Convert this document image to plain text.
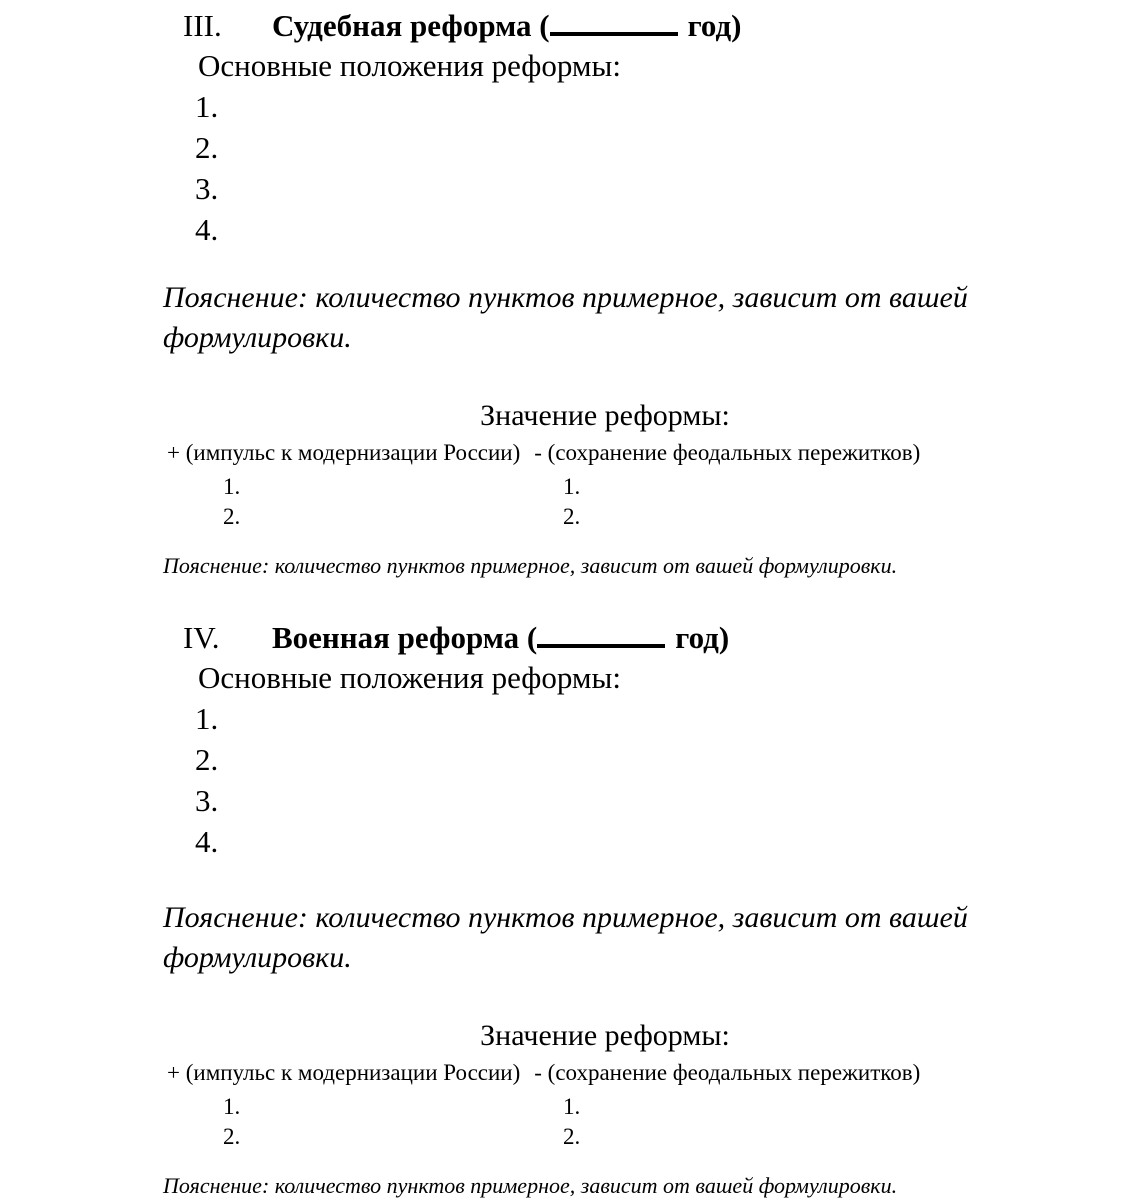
III. Судебная реформа (	год)
Основные положения реформы:
1.
2.
3.
4.
Пояснение: количество пунктов примерное, зависит от вашей формулировки.
Значение реформы:
+ (импульс к модернизации России) - (сохранение феодальных пережитков)
1.
2.
1.
2.
Пояснение: количество пунктов примерное, зависит от вашей формулировки.
IV. Военная реформа (	год)
Основные положения реформы:
1.
2.
3.
4.
Пояснение: количество пунктов примерное, зависит от вашей формулировки.
Значение реформы:
+ (импульс к модернизации России) - (сохранение феодальных пережитков)
1.
2.
1.
2.
Пояснение: количество пунктов примерное, зависит от вашей формулировки.
